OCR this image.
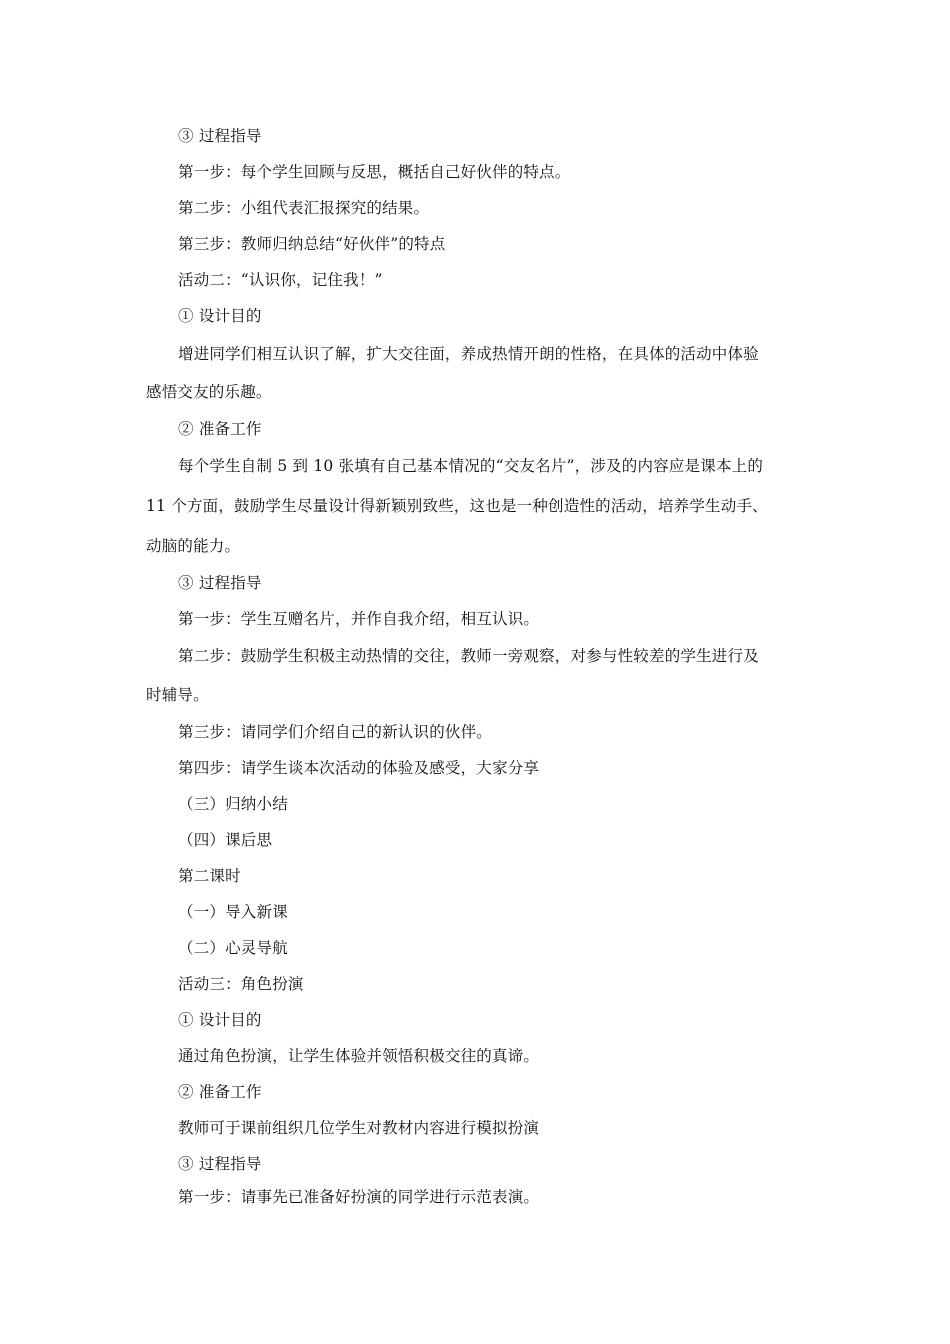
③ 过程指导
第一步：每个学生回顾与反思，概括自己好伙伴的特点。
第二步：小组代表汇报探究的结果。
第三步：教师归纳总结“好伙伴”的特点
活动二：“认识你，记住我！”
① 设计目的
增进同学们相互认识了解，扩大交往面，养成热情开朗的性格，在具体的活动中体验
感悟交友的乐趣。
② 准备工作
每个学生自制 5 到 10 张填有自己基本情况的“交友名片”，涉及的内容应是课本上的
11 个方面，鼓励学生尽量设计得新颖别致些，这也是一种创造性的活动，培养学生动手、
动脑的能力。
③ 过程指导
第一步：学生互赠名片，并作自我介绍，相互认识。
第二步：鼓励学生积极主动热情的交往，教师一旁观察，对参与性较差的学生进行及
时辅导。
第三步：请同学们介绍自己的新认识的伙伴。
第四步：请学生谈本次活动的体验及感受，大家分享
（三）归纳小结
（四）课后思
第二课时
（一）导入新课
（二）心灵导航
活动三：角色扮演
① 设计目的
通过角色扮演，让学生体验并领悟积极交往的真谛。
② 准备工作
教师可于课前组织几位学生对教材内容进行模拟扮演
③ 过程指导
第一步：请事先已准备好扮演的同学进行示范表演。
